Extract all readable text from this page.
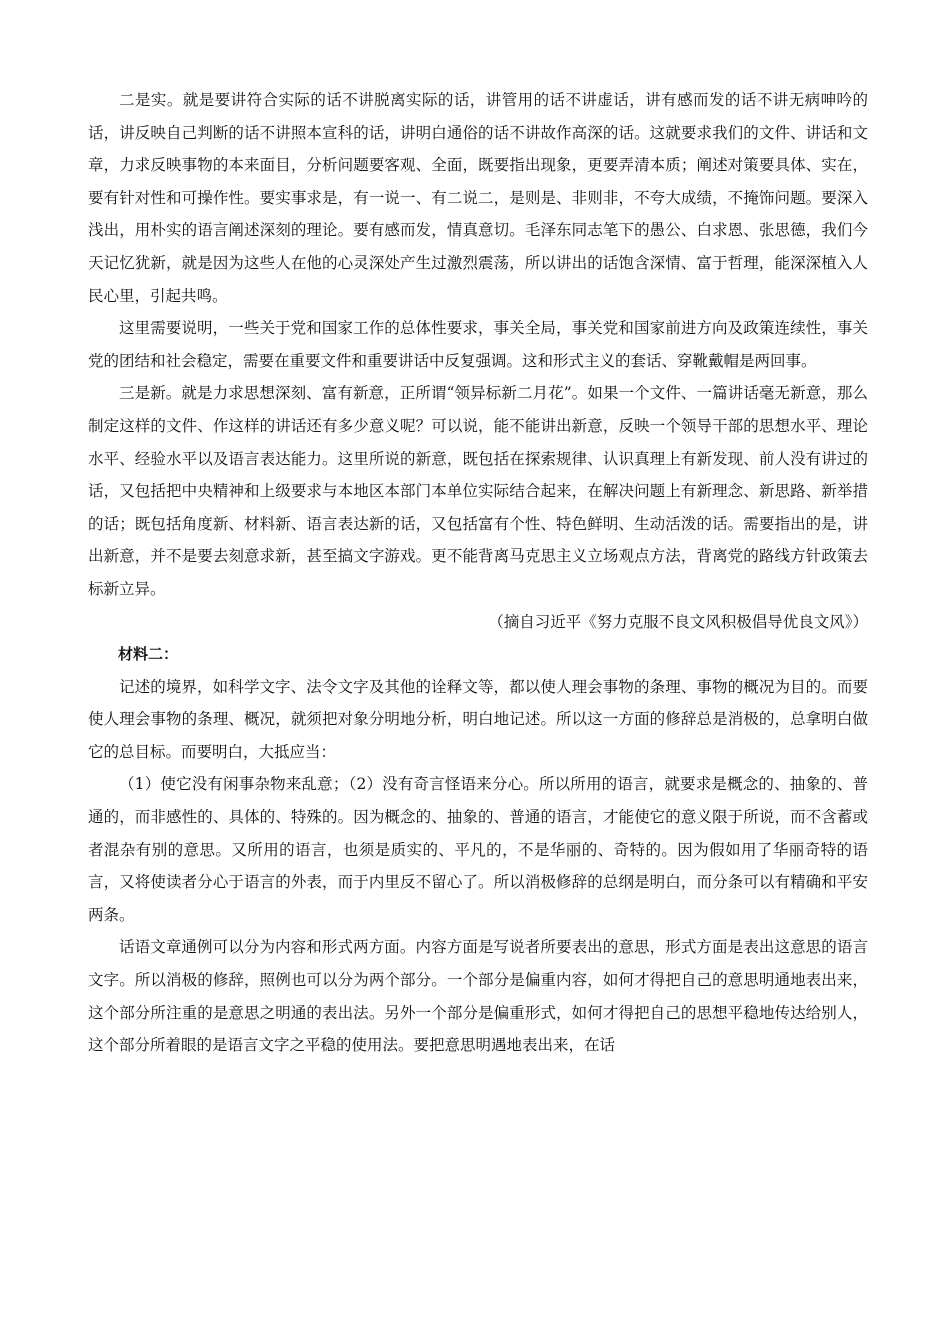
二是实。就是要讲符合实际的话不讲脱离实际的话，讲管用的话不讲虚话，讲有感而发的话不讲无病呻吟的话，讲反映自己判断的话不讲照本宣科的话，讲明白通俗的话不讲故作高深的话。这就要求我们的文件、讲话和文章，力求反映事物的本来面目，分析问题要客观、全面，既要指出现象，更要弄清本质；阐述对策要具体、实在，要有针对性和可操作性。要实事求是，有一说一、有二说二，是则是、非则非，不夸大成绩，不掩饰问题。要深入浅出，用朴实的语言阐述深刻的理论。要有感而发，情真意切。毛泽东同志笔下的愚公、白求恩、张思德，我们今天记忆犹新，就是因为这些人在他的心灵深处产生过激烈震荡，所以讲出的话饱含深情、富于哲理，能深深植入人民心里，引起共鸣。

这里需要说明，一些关于党和国家工作的总体性要求，事关全局，事关党和国家前进方向及政策连续性，事关党的团结和社会稳定，需要在重要文件和重要讲话中反复强调。这和形式主义的套话、穿靴戴帽是两回事。

三是新。就是力求思想深刻、富有新意，正所谓“领异标新二月花”。如果一个文件、一篇讲话毫无新意，那么制定这样的文件、作这样的讲话还有多少意义呢？可以说，能不能讲出新意，反映一个领导干部的思想水平、理论水平、经验水平以及语言表达能力。这里所说的新意，既包括在探索规律、认识真理上有新发现、前人没有讲过的话，又包括把中央精神和上级要求与本地区本部门本单位实际结合起来，在解决问题上有新理念、新思路、新举措的话；既包括角度新、材料新、语言表达新的话，又包括富有个性、特色鲜明、生动活泼的话。需要指出的是，讲出新意，并不是要去刻意求新，甚至搞文字游戏。更不能背离马克思主义立场观点方法，背离党的路线方针政策去标新立异。

（摘自习近平《努力克服不良文风积极倡导优良文风》）

材料二：

记述的境界，如科学文字、法令文字及其他的诠释文等，都以使人理会事物的条理、事物的概况为目的。而要使人理会事物的条理、概况，就须把对象分明地分析，明白地记述。所以这一方面的修辞总是消极的，总拿明白做它的总目标。而要明白，大抵应当：

（1）使它没有闲事杂物来乱意；（2）没有奇言怪语来分心。所以所用的语言，就要求是概念的、抽象的、普通的，而非感性的、具体的、特殊的。因为概念的、抽象的、普通的语言，才能使它的意义限于所说，而不含蓄或者混杂有别的意思。又所用的语言，也须是质实的、平凡的，不是华丽的、奇特的。因为假如用了华丽奇特的语言，又将使读者分心于语言的外表，而于内里反不留心了。所以消极修辞的总纲是明白，而分条可以有精确和平安两条。

话语文章通例可以分为内容和形式两方面。内容方面是写说者所要表出的意思，形式方面是表出这意思的语言文字。所以消极的修辞，照例也可以分为两个部分。一个部分是偏重内容，如何才得把自己的意思明通地表出来，这个部分所注重的是意思之明通的表出法。另外一个部分是偏重形式，如何才得把自己的思想平稳地传达给别人，这个部分所着眼的是语言文字之平稳的使用法。要把意思明遇地表出来，在话
